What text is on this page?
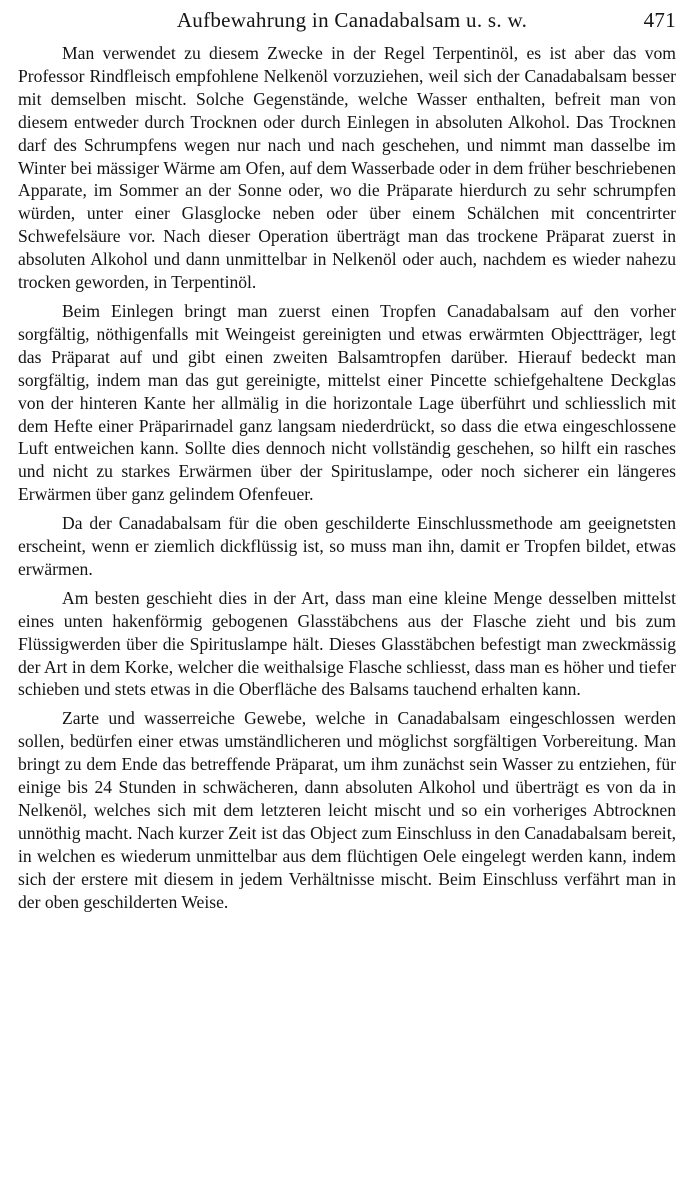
Aufbewahrung in Canadabalsam u. s. w.	471

Man verwendet zu diesem Zwecke in der Regel Terpentinöl, es ist aber das vom Professor Rindfleisch empfohlene Nelkenöl vorzuziehen, weil sich der Canadabalsam besser mit demselben mischt. Solche Gegenstände, welche Wasser enthalten, befreit man von diesem entweder durch Trocknen oder durch Einlegen in absoluten Alkohol. Das Trocknen darf des Schrumpfens wegen nur nach und nach geschehen, und nimmt man dasselbe im Winter bei mässiger Wärme am Ofen, auf dem Wasserbade oder in dem früher beschriebenen Apparate, im Sommer an der Sonne oder, wo die Präparate hierdurch zu sehr schrumpfen würden, unter einer Glasglocke neben oder über einem Schälchen mit concentrirter Schwefelsäure vor. Nach dieser Operation überträgt man das trockene Präparat zuerst in absoluten Alkohol und dann unmittelbar in Nelkenöl oder auch, nachdem es wieder nahezu trocken geworden, in Terpentinöl.

Beim Einlegen bringt man zuerst einen Tropfen Canadabalsam auf den vorher sorgfältig, nöthigenfalls mit Weingeist gereinigten und etwas erwärmten Objectträger, legt das Präparat auf und gibt einen zweiten Balsamtropfen darüber. Hierauf bedeckt man sorgfältig, indem man das gut gereinigte, mittelst einer Pincette schiefgehaltene Deckglas von der hinteren Kante her allmälig in die horizontale Lage überführt und schliesslich mit dem Hefte einer Präparirnadel ganz langsam niederdrückt, so dass die etwa eingeschlossene Luft entweichen kann. Sollte dies dennoch nicht vollständig geschehen, so hilft ein rasches und nicht zu starkes Erwärmen über der Spirituslampe, oder noch sicherer ein längeres Erwärmen über ganz gelindem Ofenfeuer.

Da der Canadabalsam für die oben geschilderte Einschlussmethode am geeignetsten erscheint, wenn er ziemlich dickflüssig ist, so muss man ihn, damit er Tropfen bildet, etwas erwärmen.

Am besten geschieht dies in der Art, dass man eine kleine Menge desselben mittelst eines unten hakenförmig gebogenen Glasstäbchens aus der Flasche zieht und bis zum Flüssigwerden über die Spirituslampe hält. Dieses Glasstäbchen befestigt man zweckmässig der Art in dem Korke, welcher die weithalsige Flasche schliesst, dass man es höher und tiefer schieben und stets etwas in die Oberfläche des Balsams tauchend erhalten kann.

Zarte und wasserreiche Gewebe, welche in Canadabalsam eingeschlossen werden sollen, bedürfen einer etwas umständlicheren und möglichst sorgfältigen Vorbereitung. Man bringt zu dem Ende das betreffende Präparat, um ihm zunächst sein Wasser zu entziehen, für einige bis 24 Stunden in schwächeren, dann absoluten Alkohol und überträgt es von da in Nelkenöl, welches sich mit dem letzteren leicht mischt und so ein vorheriges Abtrocknen unnöthig macht. Nach kurzer Zeit ist das Object zum Einschluss in den Canadabalsam bereit, in welchen es wiederum unmittelbar aus dem flüchtigen Oele eingelegt werden kann, indem sich der erstere mit diesem in jedem Verhältnisse mischt. Beim Einschluss verfährt man in der oben geschilderten Weise.
